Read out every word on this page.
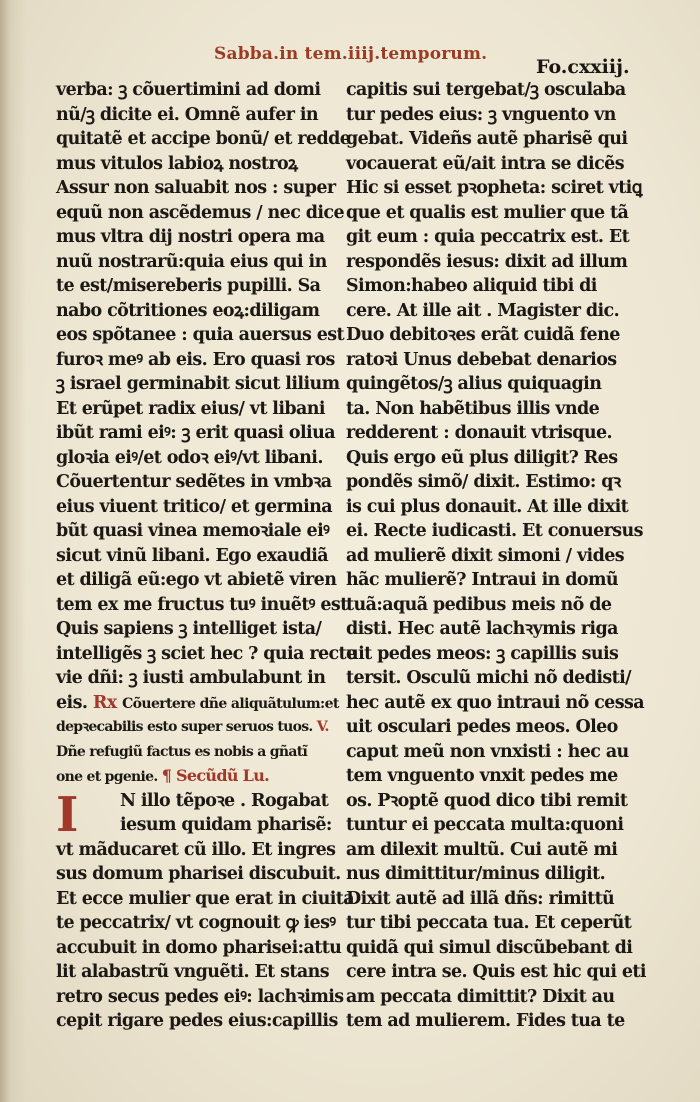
Sabba.in tem.iiij.temporum.
Fo.cxxiij.
verba: ꝫ cõuertimini ad domi
nũ/ꝫ dicite ei. Omnẽ aufer in
quitatẽ et accipe bonũ/ et redde
mus vitulos labioꝝ nostroꝝ
Assur non saluabit nos : super
equũ non ascẽdemus / nec dice
mus vltra dij nostri opera ma
nuũ nostrarũ:quia eius qui in
te est/misereberis pupilli. Sa
nabo cõtritiones eoꝝ:diligam
eos spõtanee : quia auersus est
furoꝛ meꝰ ab eis. Ero quasi ros
ꝫ israel germinabit sicut lilium
Et erũpet radix eius/ vt libani
ibũt rami eiꝰ: ꝫ erit quasi oliua
gloꝛia eiꝰ/et odoꝛ eiꝰ/vt libani.
Cõuertentur sedẽtes in vmbꝛa
eius viuent tritico/ et germina
bũt quasi vinea memoꝛiale eiꝰ
sicut vinũ libani. Ego exaudiã
et diligã eũ:ego vt abietẽ viren
tem ex me fructus tuꝰ inuẽtꝰ est
Quis sapiens ꝫ intelliget ista/
intelligẽs ꝫ sciet hec ? quia recte
vie dñi: ꝫ iusti ambulabunt in
eis. Rx Cõuertere dñe aliquãtulum:et
depꝛecabilis esto super seruos tuos. V.
Dñe refugiũ factus es nobis a gñatĩ
one et pgenie. ¶ Secũdũ Lu.
I N illo tẽpoꝛe . Rogabat
iesum quidam pharisẽ:
vt mãducaret cũ illo. Et ingres
sus domum pharisei discubuit.
Et ecce mulier que erat in ciuita
te peccatrix/ vt cognouit ꝙ iesꝰ
accubuit in domo pharisei:attu
lit alabastrũ vnguẽti. Et stans
retro secus pedes eiꝰ: lachꝛimis
cepit rigare pedes eius:capillis
capitis sui tergebat/ꝫ osculaba
tur pedes eius: ꝫ vnguento vn
gebat. Videñs autẽ pharisẽ qui
vocauerat eũ/ait intra se dicẽs
Hic si esset pꝛopheta: sciret vtiꝗ
que et qualis est mulier que tã
git eum : quia peccatrix est. Et
respondẽs iesus: dixit ad illum
Simon:habeo aliquid tibi di
cere. At ille ait . Magister dic.
Duo debitoꝛes erãt cuidã fene
ratoꝛi Unus debebat denarios
quingẽtos/ꝫ alius quiquagin
ta. Non habẽtibus illis vnde
redderent : donauit vtrisque.
Quis ergo eũ plus diligit? Res
pondẽs simõ/ dixit. Estimo: qꝛ
is cui plus donauit. At ille dixit
ei. Recte iudicasti. Et conuersus
ad mulierẽ dixit simoni / vides
hãc mulierẽ? Intraui in domũ
tuã:aquã pedibus meis nõ de
disti. Hec autẽ lachꝛymis riga
uit pedes meos: ꝫ capillis suis
tersit. Osculũ michi nõ dedisti/
hec autẽ ex quo intraui nõ cessa
uit osculari pedes meos. Oleo
caput meũ non vnxisti : hec au
tem vnguento vnxit pedes me
os. Pꝛoptẽ quod dico tibi remit
tuntur ei peccata multa:quoni
am dilexit multũ. Cui autẽ mi
nus dimittitur/minus diligit.
Dixit autẽ ad illã dñs: rimittũ
tur tibi peccata tua. Et ceperũt
quidã qui simul discũbebant di
cere intra se. Quis est hic qui eti
am peccata dimittit? Dixit au
tem ad mulierem. Fides tua te
